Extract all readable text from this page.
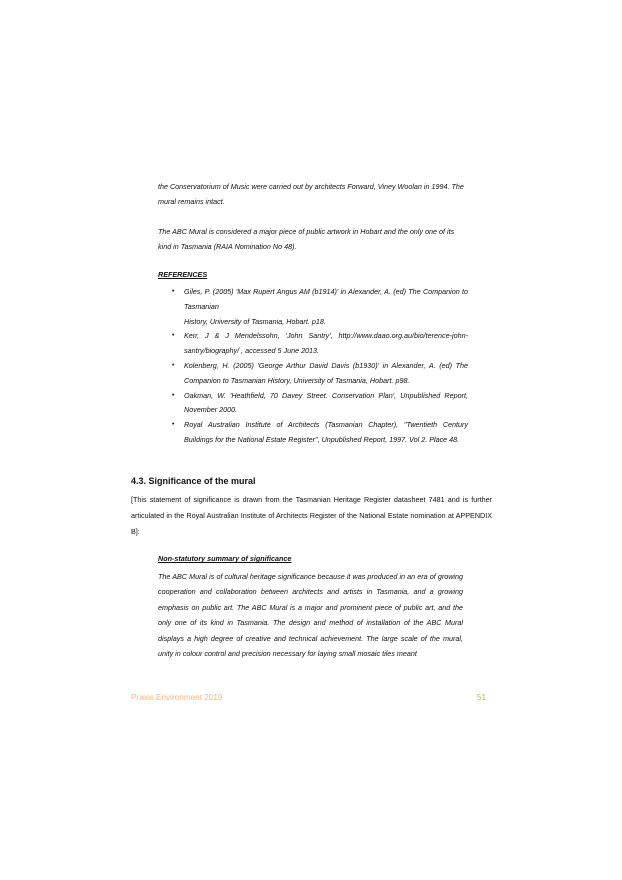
the Conservatorium of Music were carried out by architects Forward, Viney Woolan in 1994. The mural remains intact.
The ABC Mural is considered a major piece of public artwork in Hobart and the only one of its kind in Tasmania (RAIA Nomination No 48).
REFERENCES
• Giles, P. (2005) 'Max Rupert Angus AM (b1914)' in Alexander, A. (ed) The Companion to Tasmanian
History, University of Tasmania, Hobart. p18.
• Kerr, J & J Mendelssohn, 'John Santry', http://www.daao.org.au/bio/terence-john-santry/biography/ , accessed 5 June 2013.
• Kolenberg, H. (2005) 'George Arthur David Davis (b1930)' in Alexander, A. (ed) The Companion to Tasmanian History, University of Tasmania, Hobart. p98.
• Oakman, W. 'Heathfield, 70 Davey Street. Conservation Plan', Unpublished Report, November 2000.
• Royal Australian Institute of Architects (Tasmanian Chapter), "Twentieth Century Buildings for the National Estate Register", Unpublished Report, 1997. Vol 2. Place 48.
4.3. Significance of the mural
[This statement of significance is drawn from the Tasmanian Heritage Register datasheet 7481 and is further articulated in the Royal Australian Institute of Architects Register of the National Estate nomination at APPENDIX B]:
Non-statutory summary of significance
The ABC Mural is of cultural heritage significance because it was produced in an era of growing cooperation and collaboration between architects and artists in Tasmania, and a growing emphasis on public art. The ABC Mural is a major and prominent piece of public art, and the only one of its kind in Tasmania. The design and method of installation of the ABC Mural displays a high degree of creative and technical achievement. The large scale of the mural, unity in colour control and precision necessary for laying small mosaic tiles meant
Praxis Environment 2019	51
